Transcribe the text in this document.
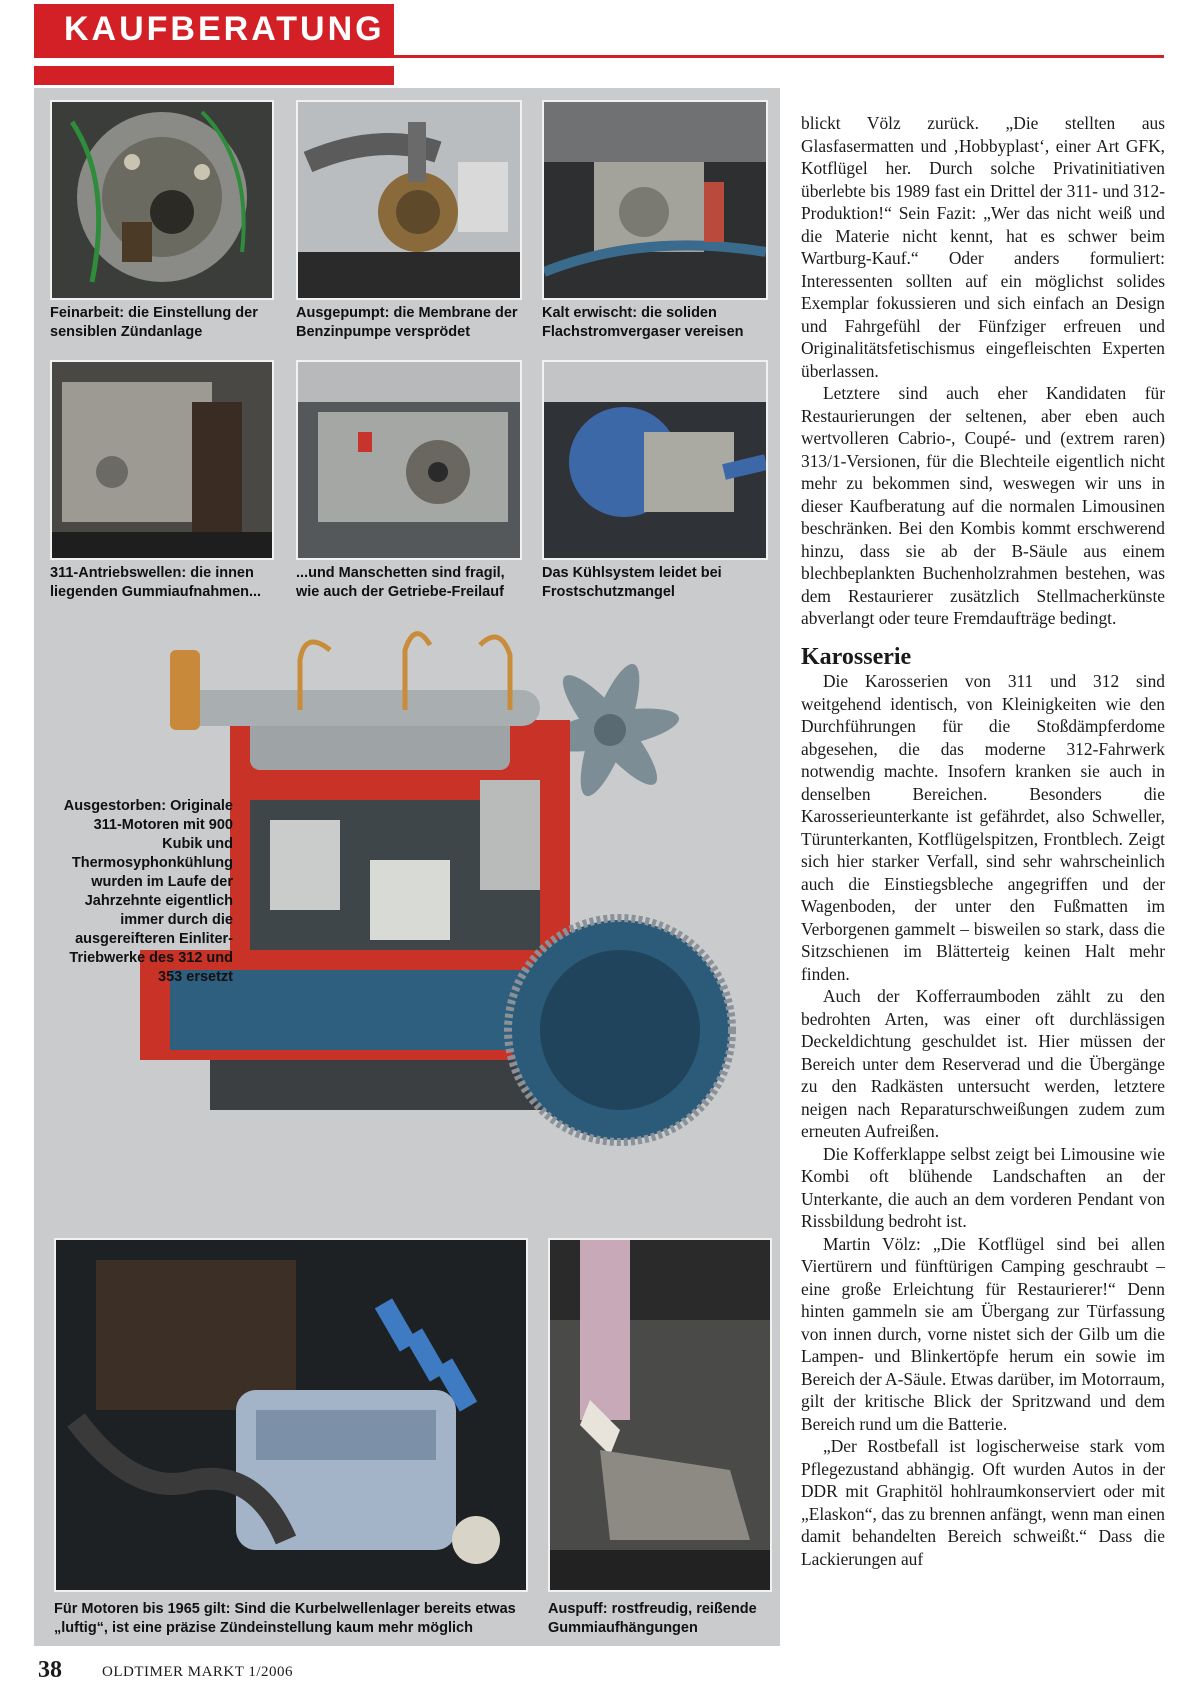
KAUFBERATUNG
Feinarbeit: die Einstellung der sensiblen Zündanlage
Ausgepumpt: die Membrane der Benzinpumpe versprödet
Kalt erwischt: die soliden Flachstromvergaser vereisen
311-Antriebswellen: die innen liegenden Gummiaufnahmen...
...und Manschetten sind fragil, wie auch der Getriebe-Freilauf
Das Kühlsystem leidet bei Frostschutzmangel
Ausgestorben: Originale 311-Motoren mit 900 Kubik und Thermosyphonkühlung wurden im Laufe der Jahrzehnte eigentlich immer durch die ausgereifteren Einliter-Triebwerke des 312 und 353 ersetzt
Für Motoren bis 1965 gilt: Sind die Kurbelwellenlager bereits etwas „luftig“, ist eine präzise Zündeinstellung kaum mehr möglich
Auspuff: rostfreudig, reißende Gummiaufhängungen

blickt Völz zurück. „Die stellten aus Glasfasermatten und ‚Hobbyplast‘, einer Art GFK, Kotflügel her. Durch solche Privatinitiativen überlebte bis 1989 fast ein Drittel der 311- und 312-Produktion!“ Sein Fazit: „Wer das nicht weiß und die Materie nicht kennt, hat es schwer beim Wartburg-Kauf.“ Oder anders formuliert: Interessenten sollten auf ein möglichst solides Exemplar fokussieren und sich einfach an Design und Fahrgefühl der Fünfziger erfreuen und Originalitätsfetischismus eingefleischten Experten überlassen.

Letztere sind auch eher Kandidaten für Restaurierungen der seltenen, aber eben auch wertvolleren Cabrio-, Coupé- und (extrem raren) 313/1-Versionen, für die Blechteile eigentlich nicht mehr zu bekommen sind, weswegen wir uns in dieser Kaufberatung auf die normalen Limousinen beschränken. Bei den Kombis kommt erschwerend hinzu, dass sie ab der B-Säule aus einem blechbeplankten Buchenholzrahmen bestehen, was dem Restaurierer zusätzlich Stellmacherkünste abverlangt oder teure Fremdaufträge bedingt.

Karosserie

Die Karosserien von 311 und 312 sind weitgehend identisch, von Kleinigkeiten wie den Durchführungen für die Stoßdämpferdome abgesehen, die das moderne 312-Fahrwerk notwendig machte. Insofern kranken sie auch in denselben Bereichen. Besonders die Karosserieunterkante ist gefährdet, also Schweller, Türunterkanten, Kotflügelspitzen, Frontblech. Zeigt sich hier starker Verfall, sind sehr wahrscheinlich auch die Einstiegsbleche angegriffen und der Wagenboden, der unter den Fußmatten im Verborgenen gammelt – bisweilen so stark, dass die Sitzschienen im Blätterteig keinen Halt mehr finden.

Auch der Kofferraumboden zählt zu den bedrohten Arten, was einer oft durchlässigen Deckeldichtung geschuldet ist. Hier müssen der Bereich unter dem Reserverad und die Übergänge zu den Radkästen untersucht werden, letztere neigen nach Reparaturschweißungen zudem zum erneuten Aufreißen.

Die Kofferklappe selbst zeigt bei Limousine wie Kombi oft blühende Landschaften an der Unterkante, die auch an dem vorderen Pendant von Rissbildung bedroht ist.

Martin Völz: „Die Kotflügel sind bei allen Viertürern und fünftürigen Camping geschraubt – eine große Erleichtung für Restaurierer!“ Denn hinten gammeln sie am Übergang zur Türfassung von innen durch, vorne nistet sich der Gilb um die Lampen- und Blinkertöpfe herum ein sowie im Bereich der A-Säule. Etwas darüber, im Motorraum, gilt der kritische Blick der Spritzwand und dem Bereich rund um die Batterie.

„Der Rostbefall ist logischerweise stark vom Pflegezustand abhängig. Oft wurden Autos in der DDR mit Graphitöl hohlraumkonserviert oder mit „Elaskon“, das zu brennen anfängt, wenn man einen damit behandelten Bereich schweißt.“ Dass die Lackierungen auf

38	OLDTIMER MARKT 1/2006
